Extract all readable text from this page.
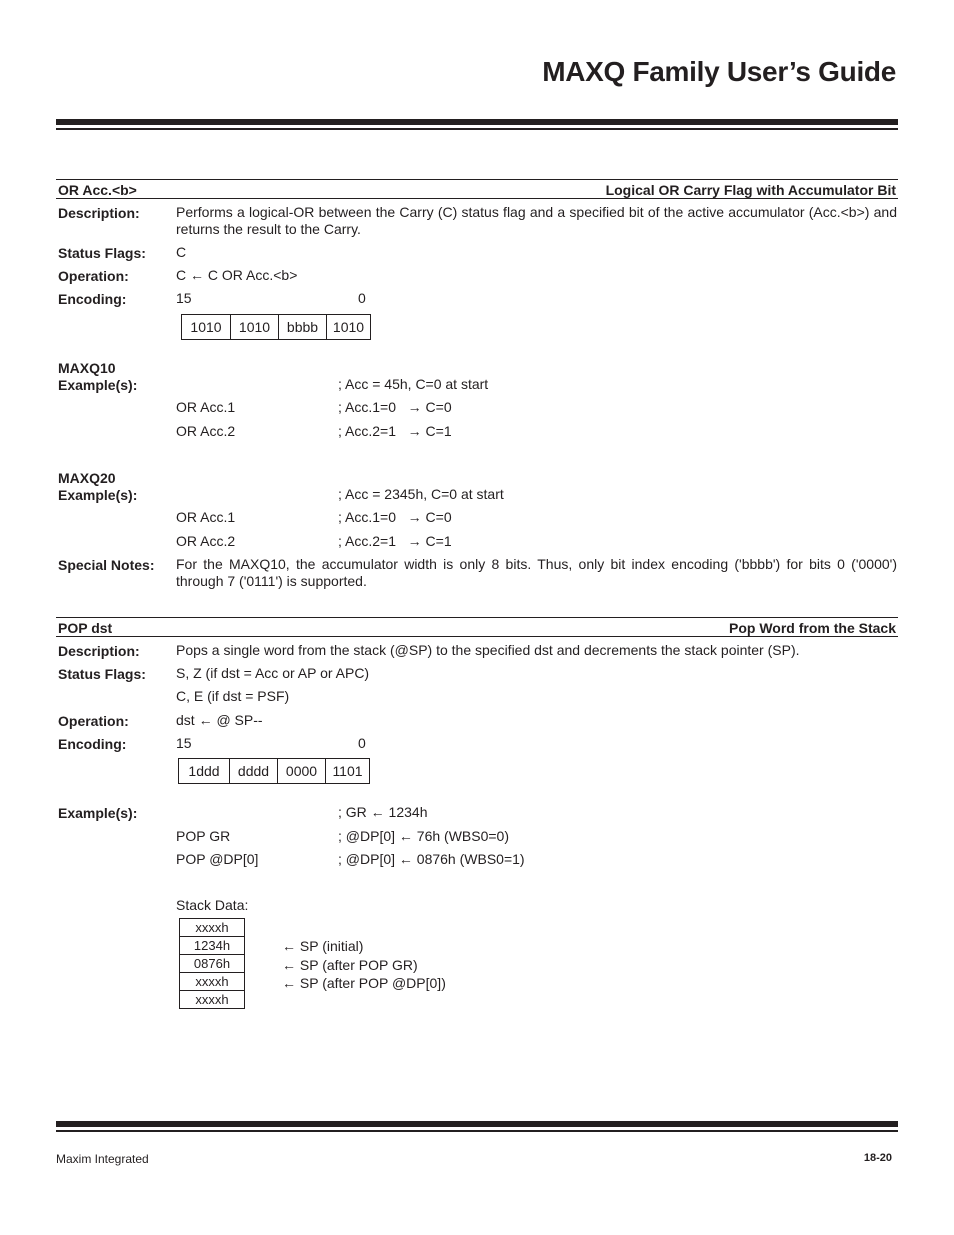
MAXQ Family User’s Guide
OR Acc.<b>	Logical OR Carry Flag with Accumulator Bit
Description:	Performs a logical-OR between the Carry (C) status flag and a specified bit of the active accumulator (Acc.<b>) and returns the result to the Carry.
Status Flags: C
Operation:	C ← C OR Acc.<b>
Encoding:	15	0
1010	1010	bbbb	1010
MAXQ10
Example(s):	; Acc = 45h, C=0 at start
OR Acc.1	; Acc.1=0   → C=0
OR Acc.2	; Acc.2=1   → C=1
MAXQ20
Example(s):	; Acc = 2345h, C=0 at start
OR Acc.1	; Acc.1=0   → C=0
OR Acc.2	; Acc.2=1   → C=1
Special Notes: For the MAXQ10, the accumulator width is only 8 bits. Thus, only bit index encoding ('bbbb') for bits 0 ('0000') through 7 ('0111') is supported.
POP dst	Pop Word from the Stack
Description:	Pops a single word from the stack (@SP) to the specified dst and decrements the stack pointer (SP).
Status Flags: S, Z (if dst = Acc or AP or APC)
C, E (if dst = PSF)
Operation:	dst ← @ SP--
Encoding:	15	0
1ddd	dddd	0000	1101
Example(s):	; GR ← 1234h
POP GR	; @DP[0] ← 76h (WBS0=0)
POP @DP[0]	; @DP[0] ← 0876h (WBS0=1)
Stack Data:
xxxxh
1234h
0876h
xxxxh
xxxxh
← SP (initial)
← SP (after POP GR)
← SP (after POP @DP[0])
Maxim Integrated	18-20
